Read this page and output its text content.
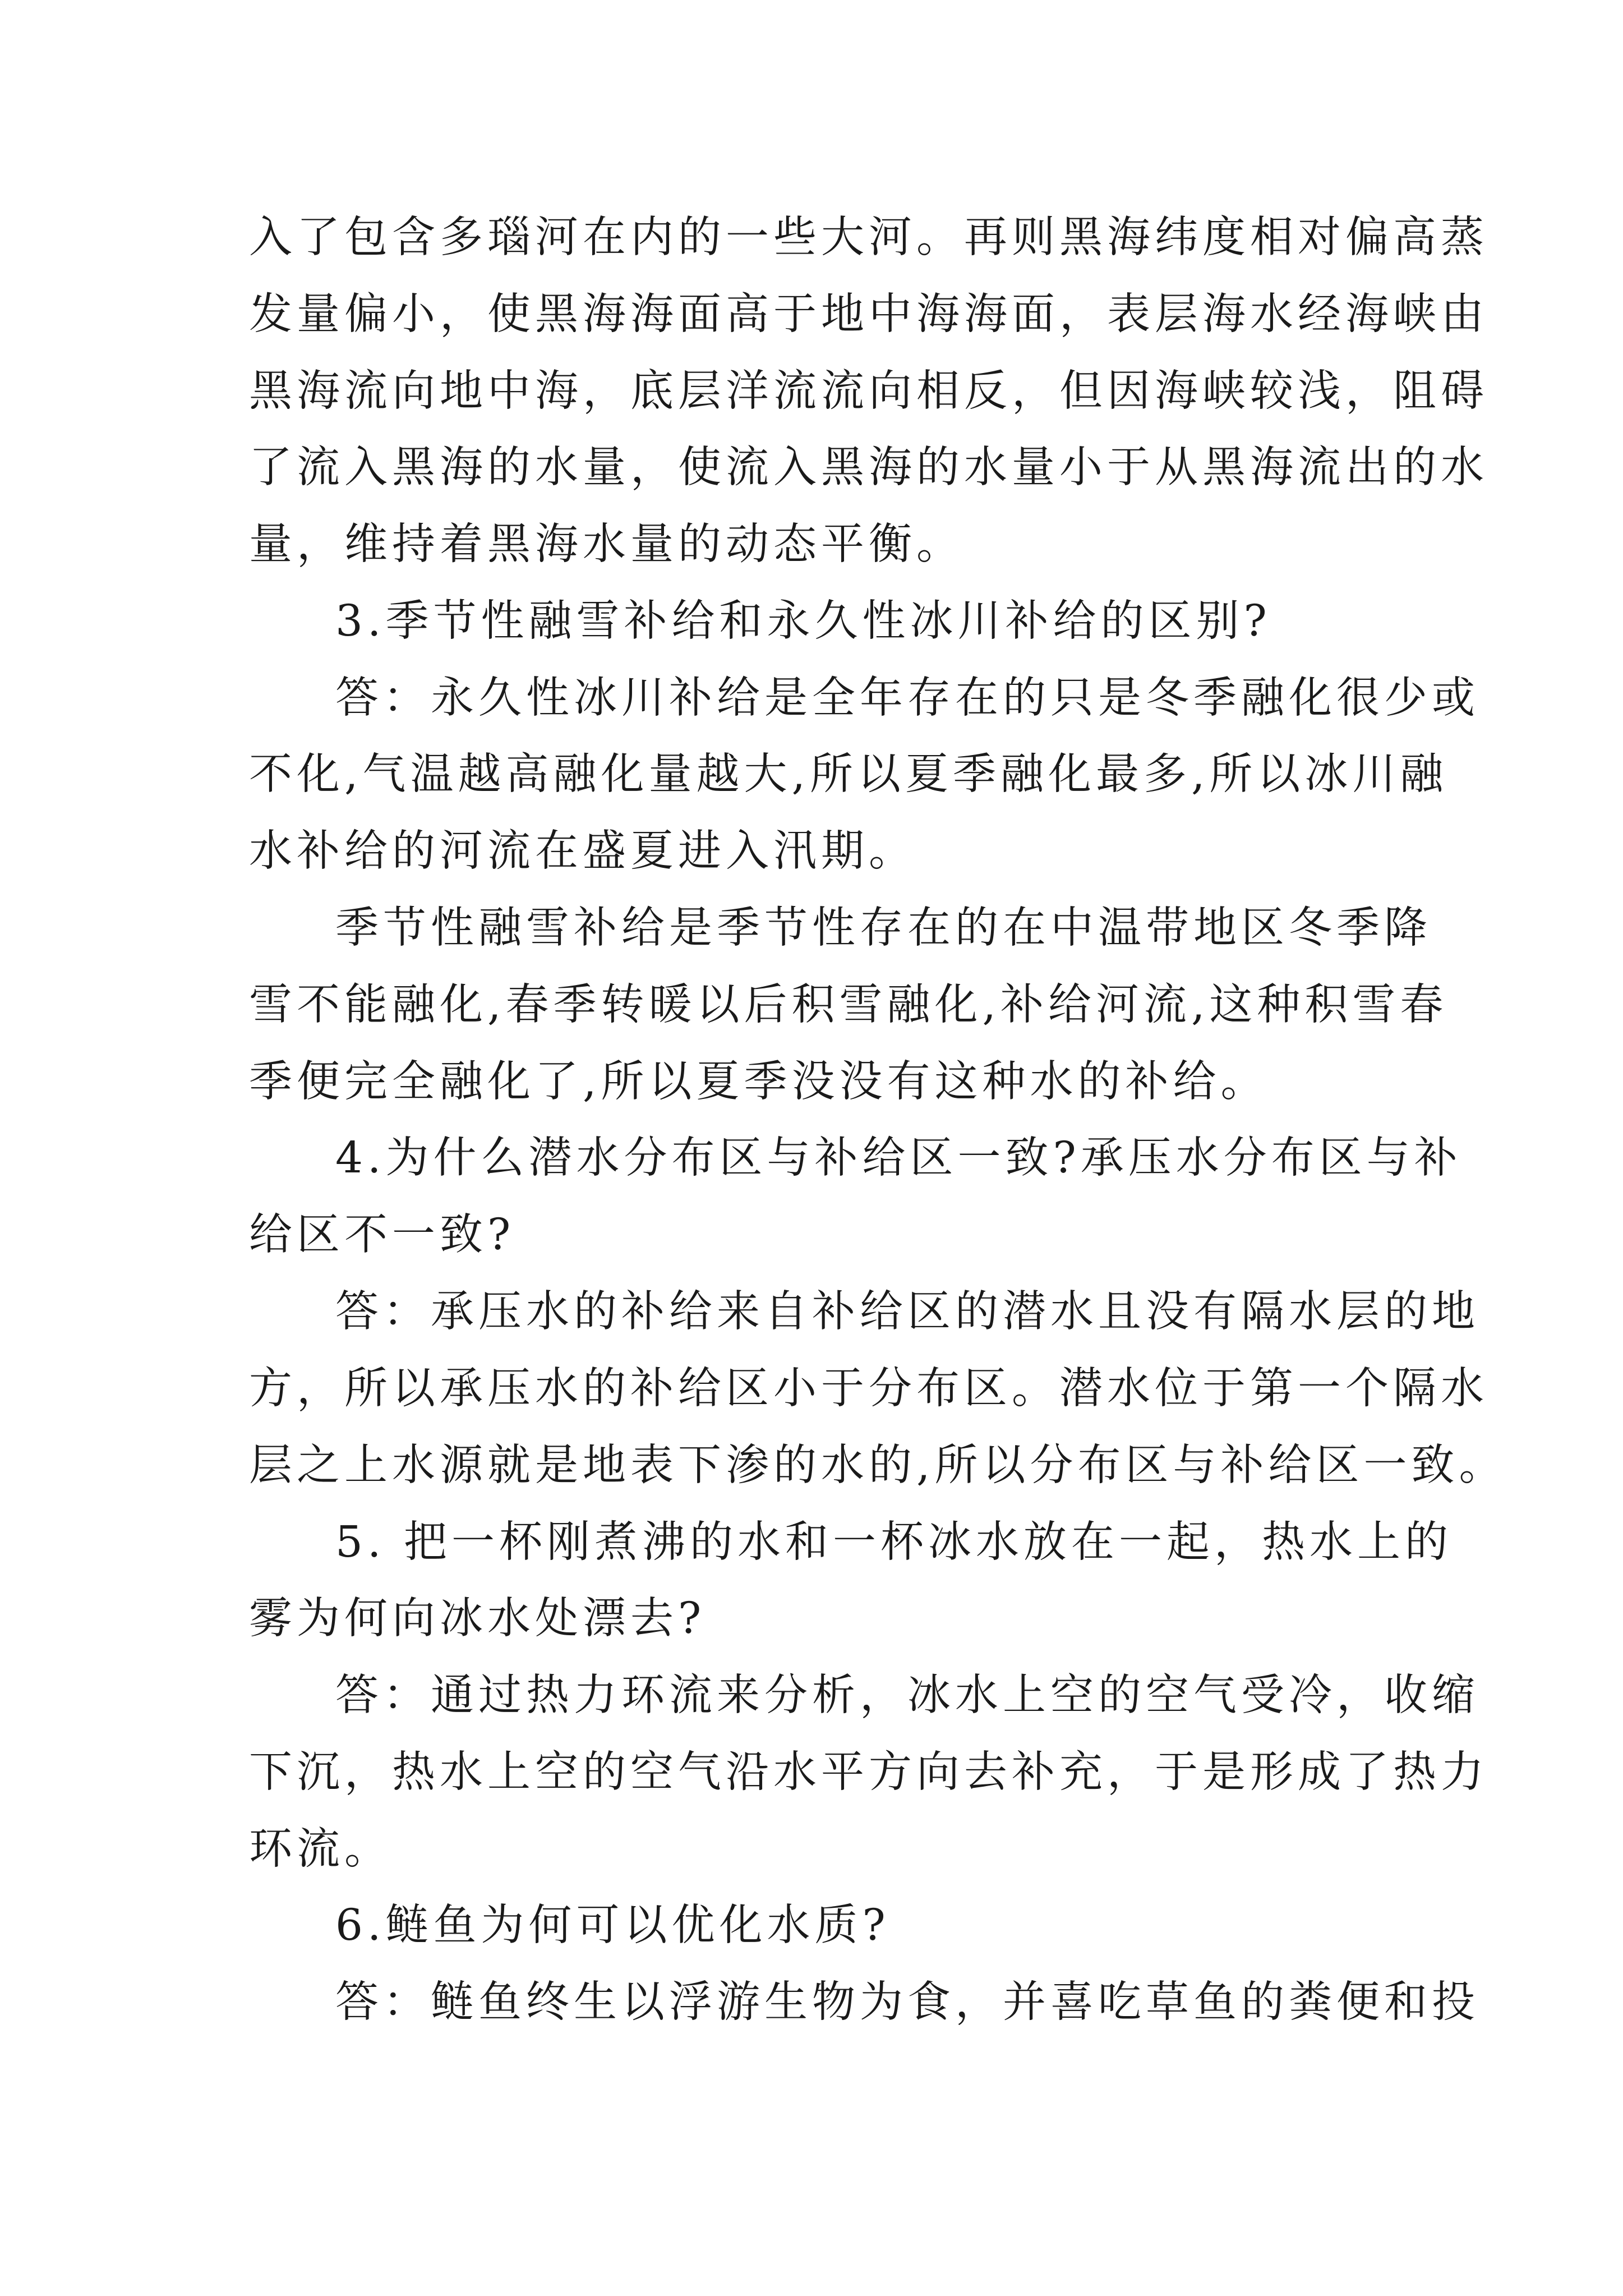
入了包含多瑙河在内的一些大河。再则黑海纬度相对偏高蒸
发量偏小，使黑海海面高于地中海海面，表层海水经海峡由
黑海流向地中海，底层洋流流向相反，但因海峡较浅，阻碍
了流入黑海的水量，使流入黑海的水量小于从黑海流出的水
量，维持着黑海水量的动态平衡。
3.季节性融雪补给和永久性冰川补给的区别?
答：永久性冰川补给是全年存在的只是冬季融化很少或
不化,气温越高融化量越大,所以夏季融化最多,所以冰川融
水补给的河流在盛夏进入汛期。
季节性融雪补给是季节性存在的在中温带地区冬季降
雪不能融化,春季转暖以后积雪融化,补给河流,这种积雪春
季便完全融化了,所以夏季没没有这种水的补给。
4.为什么潜水分布区与补给区一致?承压水分布区与补
给区不一致?
答：承压水的补给来自补给区的潜水且没有隔水层的地
方，所以承压水的补给区小于分布区。潜水位于第一个隔水
层之上水源就是地表下渗的水的,所以分布区与补给区一致。
5. 把一杯刚煮沸的水和一杯冰水放在一起，热水上的
雾为何向冰水处漂去?
答：通过热力环流来分析，冰水上空的空气受冷，收缩
下沉，热水上空的空气沿水平方向去补充，于是形成了热力
环流。
6.鲢鱼为何可以优化水质?
答：鲢鱼终生以浮游生物为食，并喜吃草鱼的粪便和投
